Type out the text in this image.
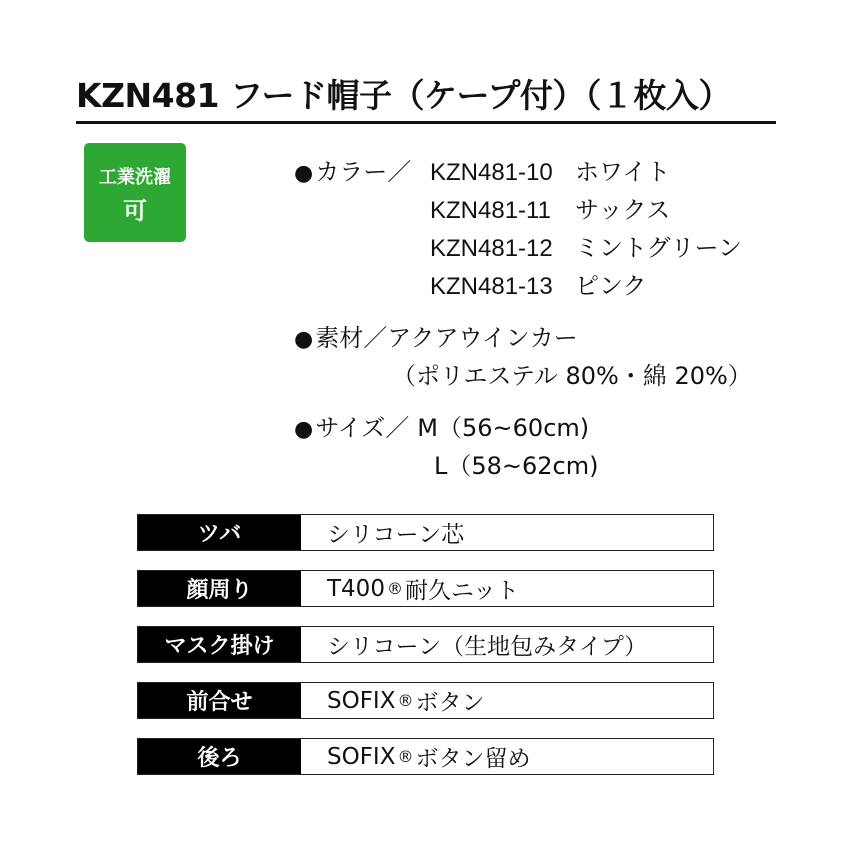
KZN481 フード帽子（ケープ付）（１枚入）
工業洗濯
可
●カラー／ KZN481-10 ホワイト
KZN481-11 サックス
KZN481-12 ミントグリーン
KZN481-13 ピンク
●素材／アクアウインカー
（ポリエステル 80%・綿 20%）
●サイズ／ M（56~60cm)
L（58~62cm)
ツバ	シリコーン芯
顔周り	T400 ® 耐久ニット
マスク掛け	シリコーン（生地包みタイプ）
前合せ	SOFIX ® ボタン
後ろ	SOFIX ® ボタン留め
